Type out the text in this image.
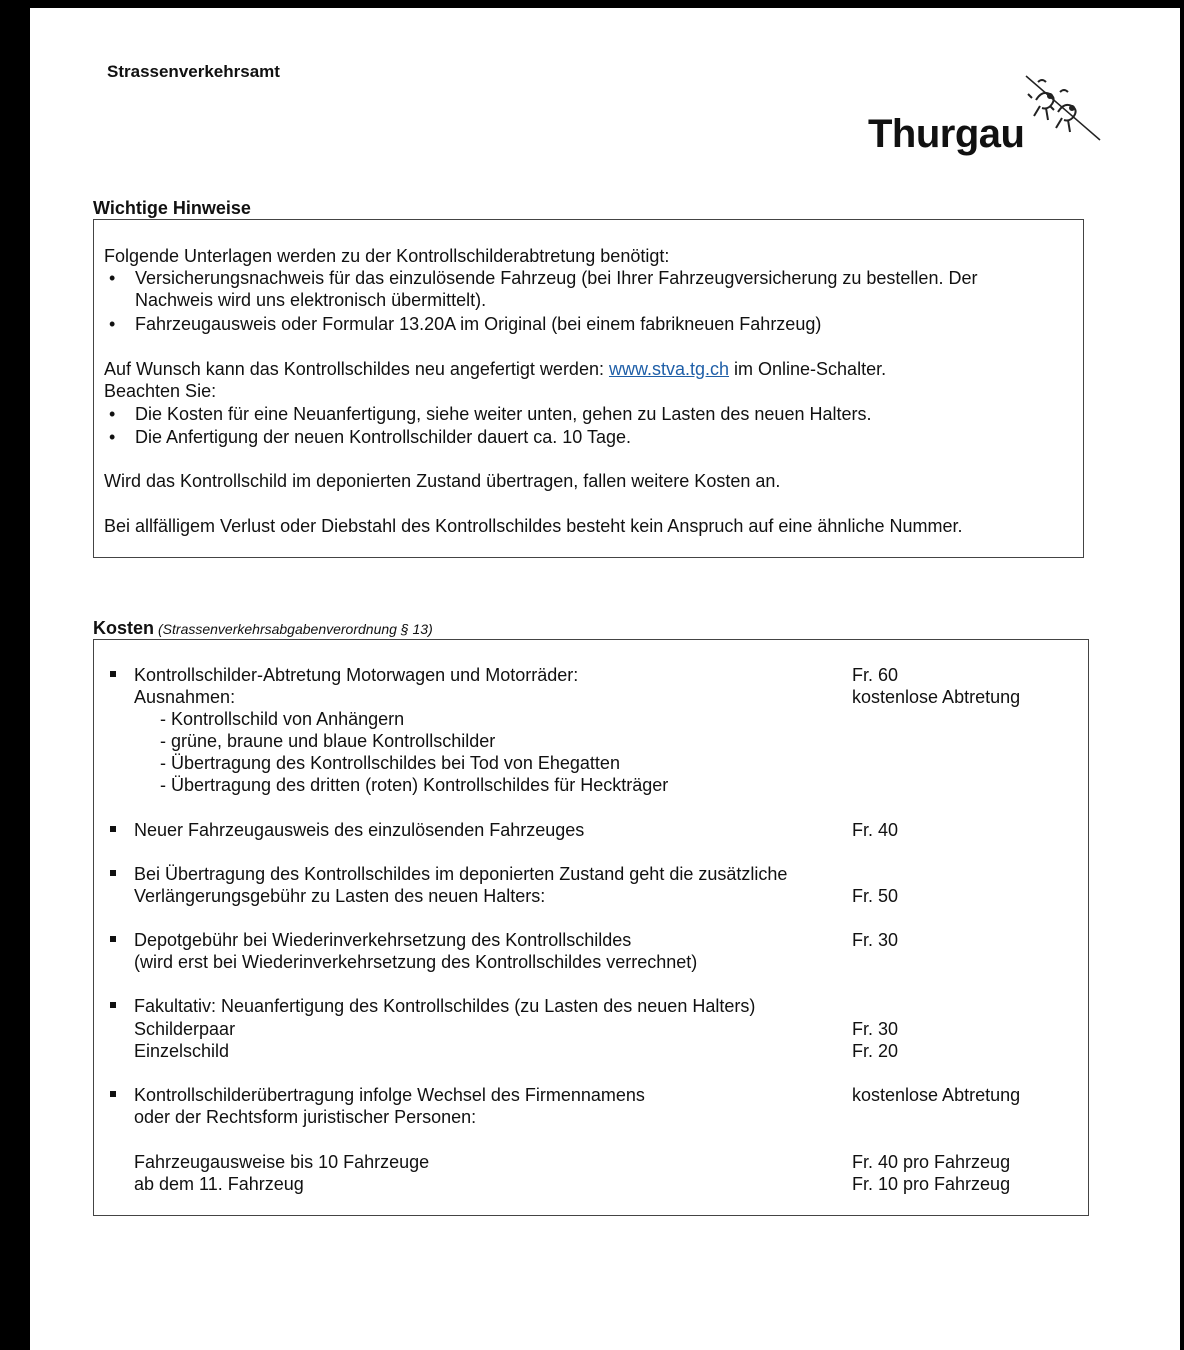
Strassenverkehrsamt
Thurgau
Wichtige Hinweise
Folgende Unterlagen werden zu der Kontrollschilderabtretung benötigt:
• Versicherungsnachweis für das einzulösende Fahrzeug (bei Ihrer Fahrzeugversicherung zu bestellen. Der
Nachweis wird uns elektronisch übermittelt).
• Fahrzeugausweis oder Formular 13.20A im Original (bei einem fabrikneuen Fahrzeug)
Auf Wunsch kann das Kontrollschildes neu angefertigt werden: www.stva.tg.ch im Online-Schalter.
Beachten Sie:
• Die Kosten für eine Neuanfertigung, siehe weiter unten, gehen zu Lasten des neuen Halters.
• Die Anfertigung der neuen Kontrollschilder dauert ca. 10 Tage.
Wird das Kontrollschild im deponierten Zustand übertragen, fallen weitere Kosten an.
Bei allfälligem Verlust oder Diebstahl des Kontrollschildes besteht kein Anspruch auf eine ähnliche Nummer.
Kosten (Strassenverkehrsabgabenverordnung § 13)
Kontrollschilder-Abtretung Motorwagen und Motorräder:	Fr. 60
Ausnahmen:	kostenlose Abtretung
- Kontrollschild von Anhängern
- grüne, braune und blaue Kontrollschilder
- Übertragung des Kontrollschildes bei Tod von Ehegatten
- Übertragung des dritten (roten) Kontrollschildes für Heckträger
Neuer Fahrzeugausweis des einzulösenden Fahrzeuges	Fr. 40
Bei Übertragung des Kontrollschildes im deponierten Zustand geht die zusätzliche
Verlängerungsgebühr zu Lasten des neuen Halters:	Fr. 50
Depotgebühr bei Wiederinverkehrsetzung des Kontrollschildes	Fr. 30
(wird erst bei Wiederinverkehrsetzung des Kontrollschildes verrechnet)
Fakultativ: Neuanfertigung des Kontrollschildes (zu Lasten des neuen Halters)
Schilderpaar	Fr. 30
Einzelschild	Fr. 20
Kontrollschilderübertragung infolge Wechsel des Firmennamens	kostenlose Abtretung
oder der Rechtsform juristischer Personen:
Fahrzeugausweise bis 10 Fahrzeuge	Fr. 40 pro Fahrzeug
ab dem 11. Fahrzeug	Fr. 10 pro Fahrzeug
